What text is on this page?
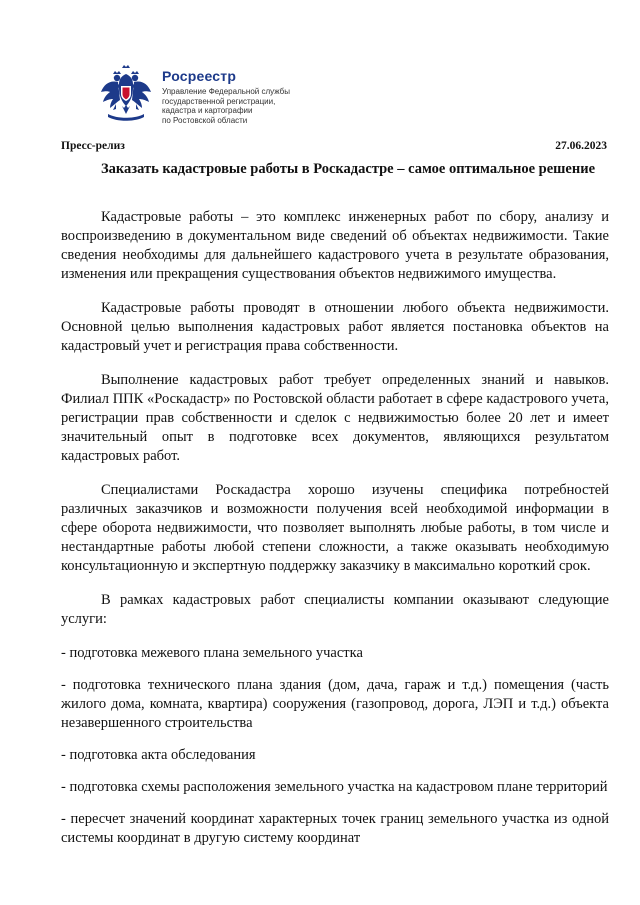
Росреестр
Управление Федеральной службы
государственной регистрации,
кадастра и картографии
по Ростовской области
Пресс-релиз	27.06.2023
Заказать кадастровые работы в Роскадастре – самое оптимальное решение

Кадастровые работы – это комплекс инженерных работ по сбору, анализу и воспроизведению в документальном виде сведений об объектах недвижимости. Такие сведения необходимы для дальнейшего кадастрового учета в результате образования, изменения или прекращения существования объектов недвижимого имущества.

Кадастровые работы проводят в отношении любого объекта недвижимости. Основной целью выполнения кадастровых работ является постановка объектов на кадастровый учет и регистрация права собственности.

Выполнение кадастровых работ требует определенных знаний и навыков. Филиал ППК «Роскадастр» по Ростовской области работает в сфере кадастрового учета, регистрации прав собственности и сделок с недвижимостью более 20 лет и имеет значительный опыт в подготовке всех документов, являющихся результатом кадастровых работ.

Специалистами Роскадастра хорошо изучены специфика потребностей различных заказчиков и возможности получения всей необходимой информации в сфере оборота недвижимости, что позволяет выполнять любые работы, в том числе и нестандартные работы любой степени сложности, а также оказывать необходимую консультационную и экспертную поддержку заказчику в максимально короткий срок.

В рамках кадастровых работ специалисты компании оказывают следующие услуги:

- подготовка межевого плана земельного участка

- подготовка технического плана здания (дом, дача, гараж и т.д.) помещения (часть жилого дома, комната, квартира) сооружения (газопровод, дорога, ЛЭП и т.д.) объекта незавершенного строительства

- подготовка акта обследования

- подготовка схемы расположения земельного участка на кадастровом плане территорий

- пересчет значений координат характерных точек границ земельного участка из одной системы координат в другую систему координат
